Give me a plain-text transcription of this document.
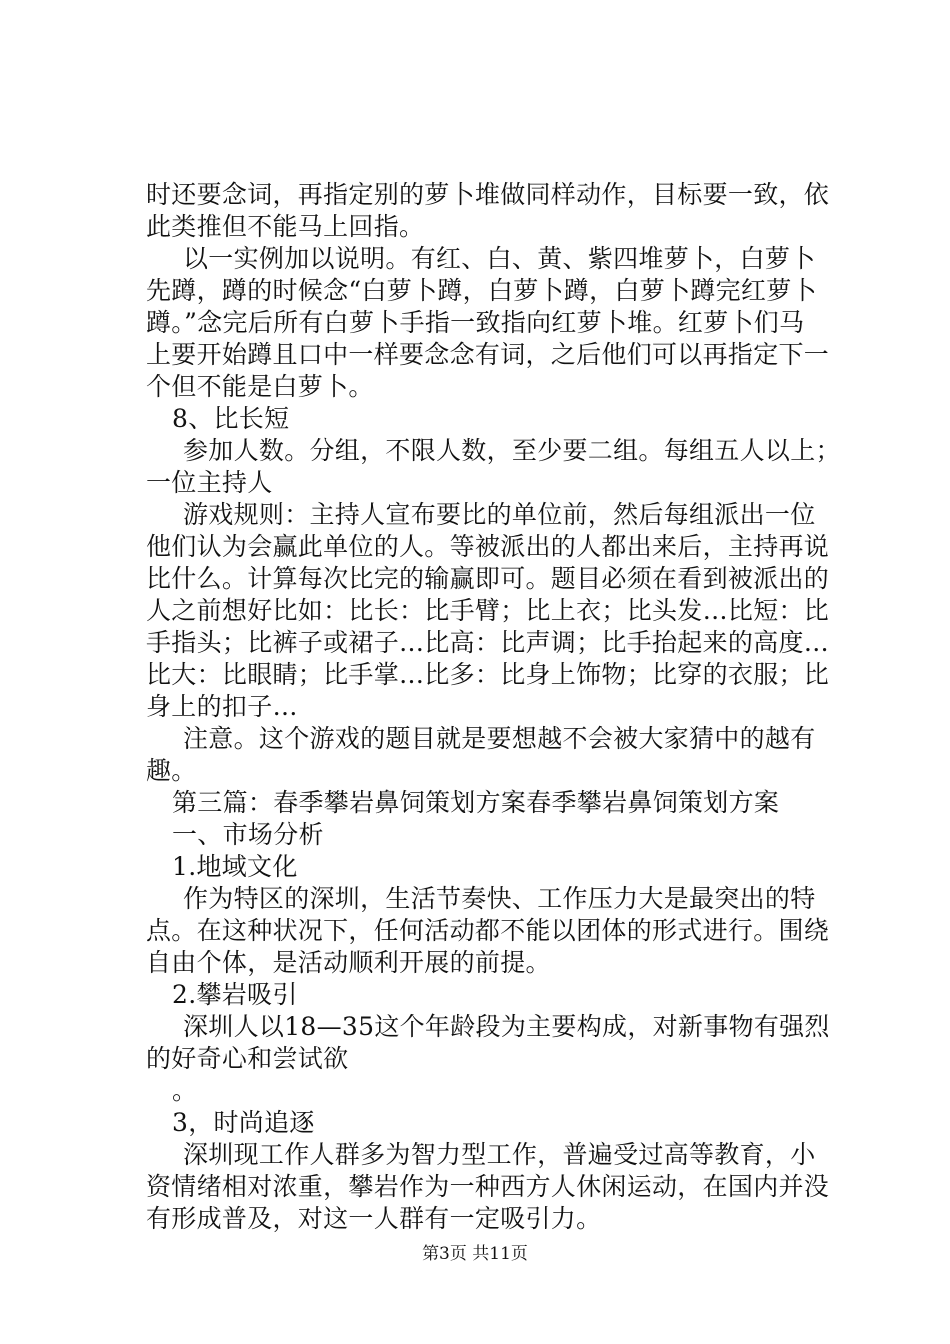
时还要念词，再指定别的萝卜堆做同样动作，目标要一致，依
此类推但不能马上回指。
以一实例加以说明。有红、白、黄、紫四堆萝卜，白萝卜
先蹲，蹲的时候念“白萝卜蹲，白萝卜蹲，白萝卜蹲完红萝卜
蹲。”念完后所有白萝卜手指一致指向红萝卜堆。红萝卜们马
上要开始蹲且口中一样要念念有词，之后他们可以再指定下一
个但不能是白萝卜。
8、比长短
参加人数。分组，不限人数，至少要二组。每组五人以上；
一位主持人
游戏规则：主持人宣布要比的单位前，然后每组派出一位
他们认为会赢此单位的人。等被派出的人都出来后，主持再说
比什么。计算每次比完的输赢即可。题目必须在看到被派出的
人之前想好比如：比长：比手臂；比上衣；比头发…比短：比
手指头；比裤子或裙子…比高：比声调；比手抬起来的高度…
比大：比眼睛；比手掌…比多：比身上饰物；比穿的衣服；比
身上的扣子…
注意。这个游戏的题目就是要想越不会被大家猜中的越有
趣。
第三篇：春季攀岩鼻饲策划方案春季攀岩鼻饲策划方案
一、市场分析
1.地域文化
作为特区的深圳，生活节奏快、工作压力大是最突出的特
点。在这种状况下，任何活动都不能以团体的形式进行。围绕
自由个体，是活动顺利开展的前提。
2.攀岩吸引
深圳人以18—35这个年龄段为主要构成，对新事物有强烈
的好奇心和尝试欲
。
3，时尚追逐
深圳现工作人群多为智力型工作，普遍受过高等教育，小
资情绪相对浓重，攀岩作为一种西方人休闲运动，在国内并没
有形成普及，对这一人群有一定吸引力。
第3页 共11页
